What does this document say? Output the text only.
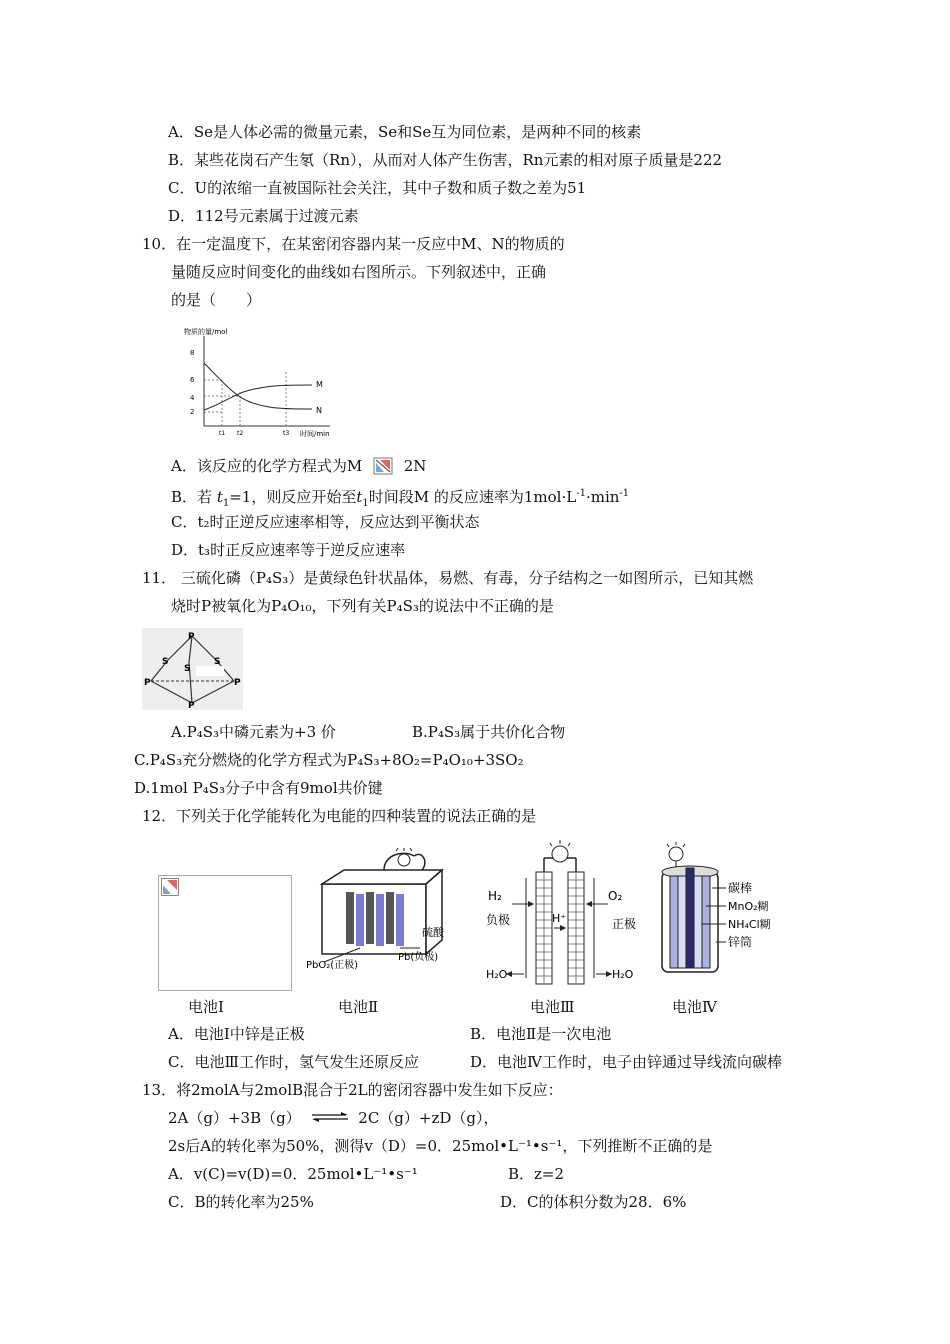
A．Se是人体必需的微量元素，Se和Se互为同位素，是两种不同的核素
B．某些花岗石产生氡（Rn），从而对人体产生伤害，Rn元素的相对原子质量是222
C．U的浓缩一直被国际社会关注，其中子数和质子数之差为51
D．112号元素属于过渡元素
10．在一定温度下，在某密闭容器内某一反应中M、N的物质的
量随反应时间变化的曲线如右图所示。下列叙述中，正确
的是（　　）
物质的量/mol
8
6
4
2
M
N
t1 t2	t3 时间/min
A．该反应的化学方程式为M	2N
B．若 $t_1=1$，则反应开始至$t_1$时间段M 的反应速率为$1mol\cdot L^{-1}\cdot\min^{-1}$
C．t₂时正逆反应速率相等，反应达到平衡状态
D．t₃时正反应速率等于逆反应速率
11． 三硫化磷（P₄S₃）是黄绿色针状晶体，易燃、有毒，分子结构之一如图所示，已知其燃
烧时P被氧化为P₄O₁₀，下列有关P₄S₃的说法中不正确的是
P
S	S
S
P	P
P
A.P₄S₃中磷元素为+3 价	B.P₄S₃属于共价化合物
C.P₄S₃充分燃烧的化学方程式为P₄S₃+8O₂=P₄O₁₀+3SO₂
D.1mol P₄S₃分子中含有9mol共价键
12．下列关于化学能转化为电能的四种装置的说法正确的是
硫酸
PbO₂(正极)
Pb(负极)
H₂	O₂
负极	正极
H⁺
H₂O	H₂O
碳棒
MnO₂糊
NH₄Cl糊
锌筒
电池Ⅰ	电池Ⅱ	电池Ⅲ	电池Ⅳ
A．电池Ⅰ中锌是正极	B．电池Ⅱ是一次电池
C．电池Ⅲ工作时，氢气发生还原反应	D．电池Ⅳ工作时，电子由锌通过导线流向碳棒
13．将2molA与2molB混合于2L的密闭容器中发生如下反应：
2A（g）+3B（g） ⇌ 2C（g）+zD（g），
2s后A的转化率为50%，测得v（D）=0．25mol•L⁻¹•s⁻¹，下列推断不正确的是
A．v(C)=v(D)=0．25mol•L⁻¹•s⁻¹	B．z=2
C．B的转化率为25%	D．C的体积分数为28．6%
